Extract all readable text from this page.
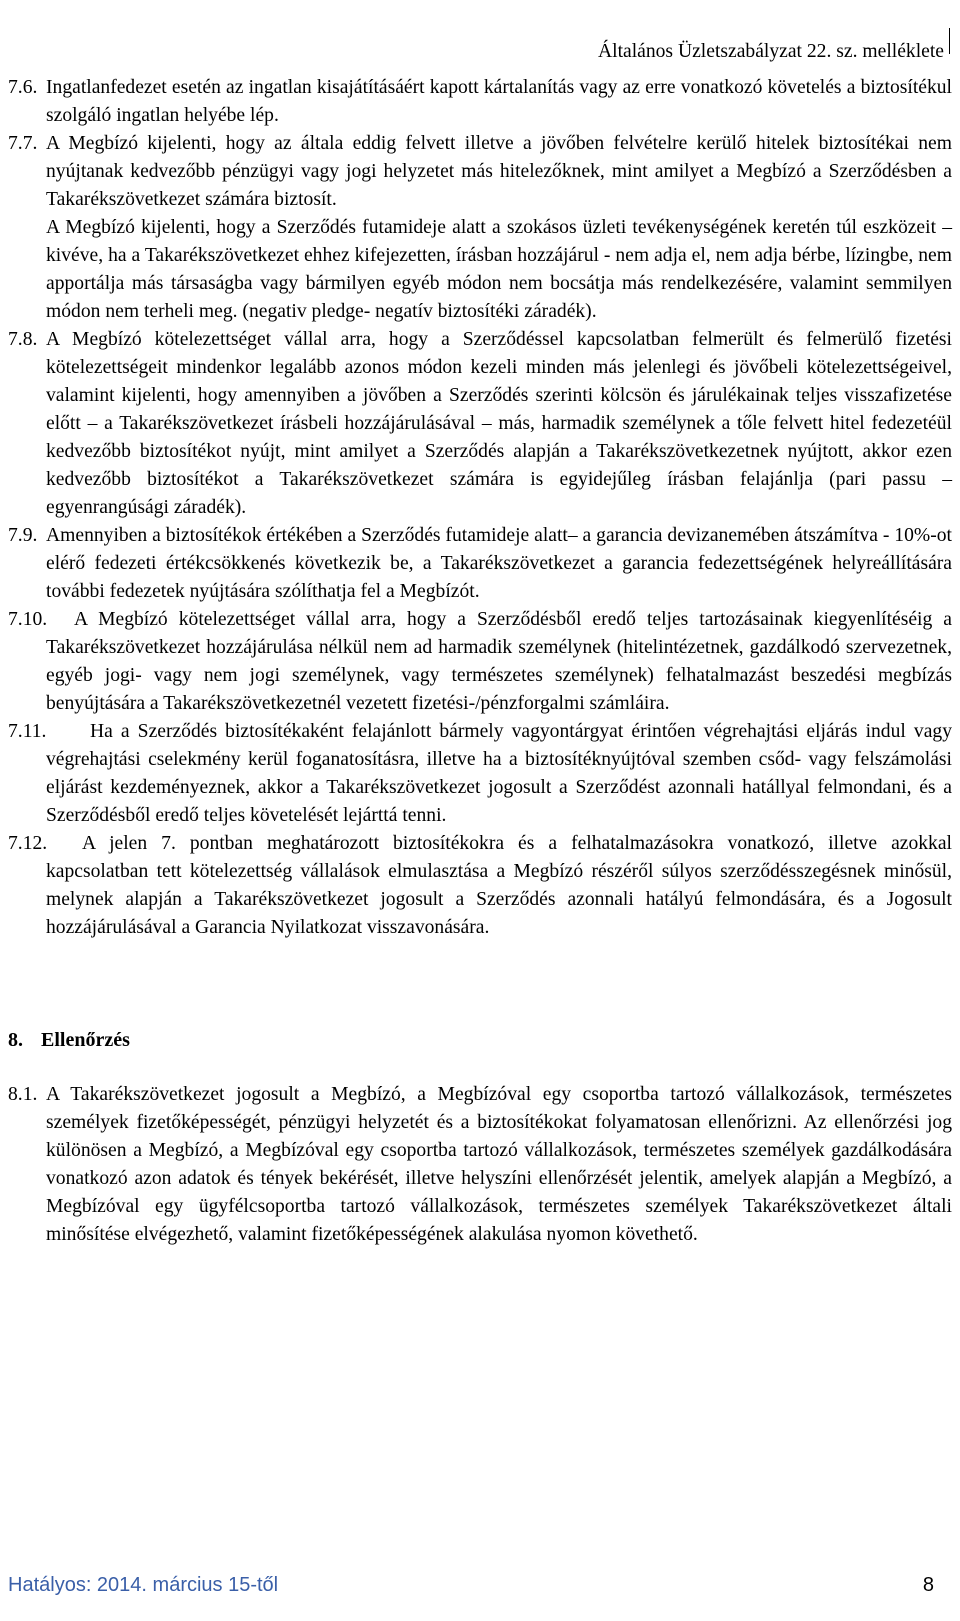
Általános Üzletszabályzat 22. sz. melléklete
7.6. Ingatlanfedezet esetén az ingatlan kisajátításáért kapott kártalanítás vagy az erre vonatkozó követelés a biztosítékul szolgáló ingatlan helyébe lép.
7.7. A Megbízó kijelenti, hogy az általa eddig felvett illetve a jövőben felvételre kerülő hitelek biztosítékai nem nyújtanak kedvezőbb pénzügyi vagy jogi helyzetet más hitelezőknek, mint amilyet a Megbízó a Szerződésben a Takarékszövetkezet számára biztosít.
A Megbízó kijelenti, hogy a Szerződés futamideje alatt a szokásos üzleti tevékenységének keretén túl eszközeit – kivéve, ha a Takarékszövetkezet ehhez kifejezetten, írásban hozzájárul - nem adja el, nem adja bérbe, lízingbe, nem apportálja más társaságba vagy bármilyen egyéb módon nem bocsátja más rendelkezésére, valamint semmilyen módon nem terheli meg. (negativ pledge- negatív biztosítéki záradék).
7.8. A Megbízó kötelezettséget vállal arra, hogy a Szerződéssel kapcsolatban felmerült és felmerülő fizetési kötelezettségeit mindenkor legalább azonos módon kezeli minden más jelenlegi és jövőbeli kötelezettségeivel, valamint kijelenti, hogy amennyiben a jövőben a Szerződés szerinti kölcsön és járulékainak teljes visszafizetése előtt – a Takarékszövetkezet írásbeli hozzájárulásával – más, harmadik személynek a tőle felvett hitel fedezetéül kedvezőbb biztosítékot nyújt, mint amilyet a Szerződés alapján a Takarékszövetkezetnek nyújtott, akkor ezen kedvezőbb biztosítékot a Takarékszövetkezet számára is egyidejűleg írásban felajánlja (pari passu – egyenrangúsági záradék).
7.9. Amennyiben a biztosítékok értékében a Szerződés futamideje alatt– a garancia devizanemében átszámítva - 10%-ot elérő fedezeti értékcsökkenés következik be, a Takarékszövetkezet a garancia fedezettségének helyreállítására további fedezetek nyújtására szólíthatja fel a Megbízót.
7.10.	A Megbízó kötelezettséget vállal arra, hogy a Szerződésből eredő teljes tartozásainak kiegyenlítéséig a Takarékszövetkezet hozzájárulása nélkül nem ad harmadik személynek (hitelintézetnek, gazdálkodó szervezetnek, egyéb jogi- vagy nem jogi személynek, vagy természetes személynek) felhatalmazást beszedési megbízás benyújtására a Takarékszövetkezetnél vezetett fizetési-/pénzforgalmi számláira.
7.11.	Ha a Szerződés biztosítékaként felajánlott bármely vagyontárgyat érintően végrehajtási eljárás indul vagy végrehajtási cselekmény kerül foganatosításra, illetve ha a biztosítéknyújtóval szemben csőd- vagy felszámolási eljárást kezdeményeznek, akkor a Takarékszövetkezet jogosult a Szerződést azonnali hatállyal felmondani, és a Szerződésből eredő teljes követelését lejárttá tenni.
7.12.	A jelen 7. pontban meghatározott biztosítékokra és a felhatalmazásokra vonatkozó, illetve azokkal kapcsolatban tett kötelezettség vállalások elmulasztása a Megbízó részéről súlyos szerződésszegésnek minősül, melynek alapján a Takarékszövetkezet jogosult a Szerződés azonnali hatályú felmondására, és a Jogosult hozzájárulásával a Garancia Nyilatkozat visszavonására.
8. Ellenőrzés
8.1. A Takarékszövetkezet jogosult a Megbízó, a Megbízóval egy csoportba tartozó vállalkozások, természetes személyek fizetőképességét, pénzügyi helyzetét és a biztosítékokat folyamatosan ellenőrizni. Az ellenőrzési jog különösen a Megbízó, a Megbízóval egy csoportba tartozó vállalkozások, természetes személyek gazdálkodására vonatkozó azon adatok és tények bekérését, illetve helyszíni ellenőrzését jelentik, amelyek alapján a Megbízó, a Megbízóval egy ügyfélcsoportba tartozó vállalkozások, természetes személyek Takarékszövetkezet általi minősítése elvégezhető, valamint fizetőképességének alakulása nyomon követhető.
Hatályos: 2014. március 15-től	8
